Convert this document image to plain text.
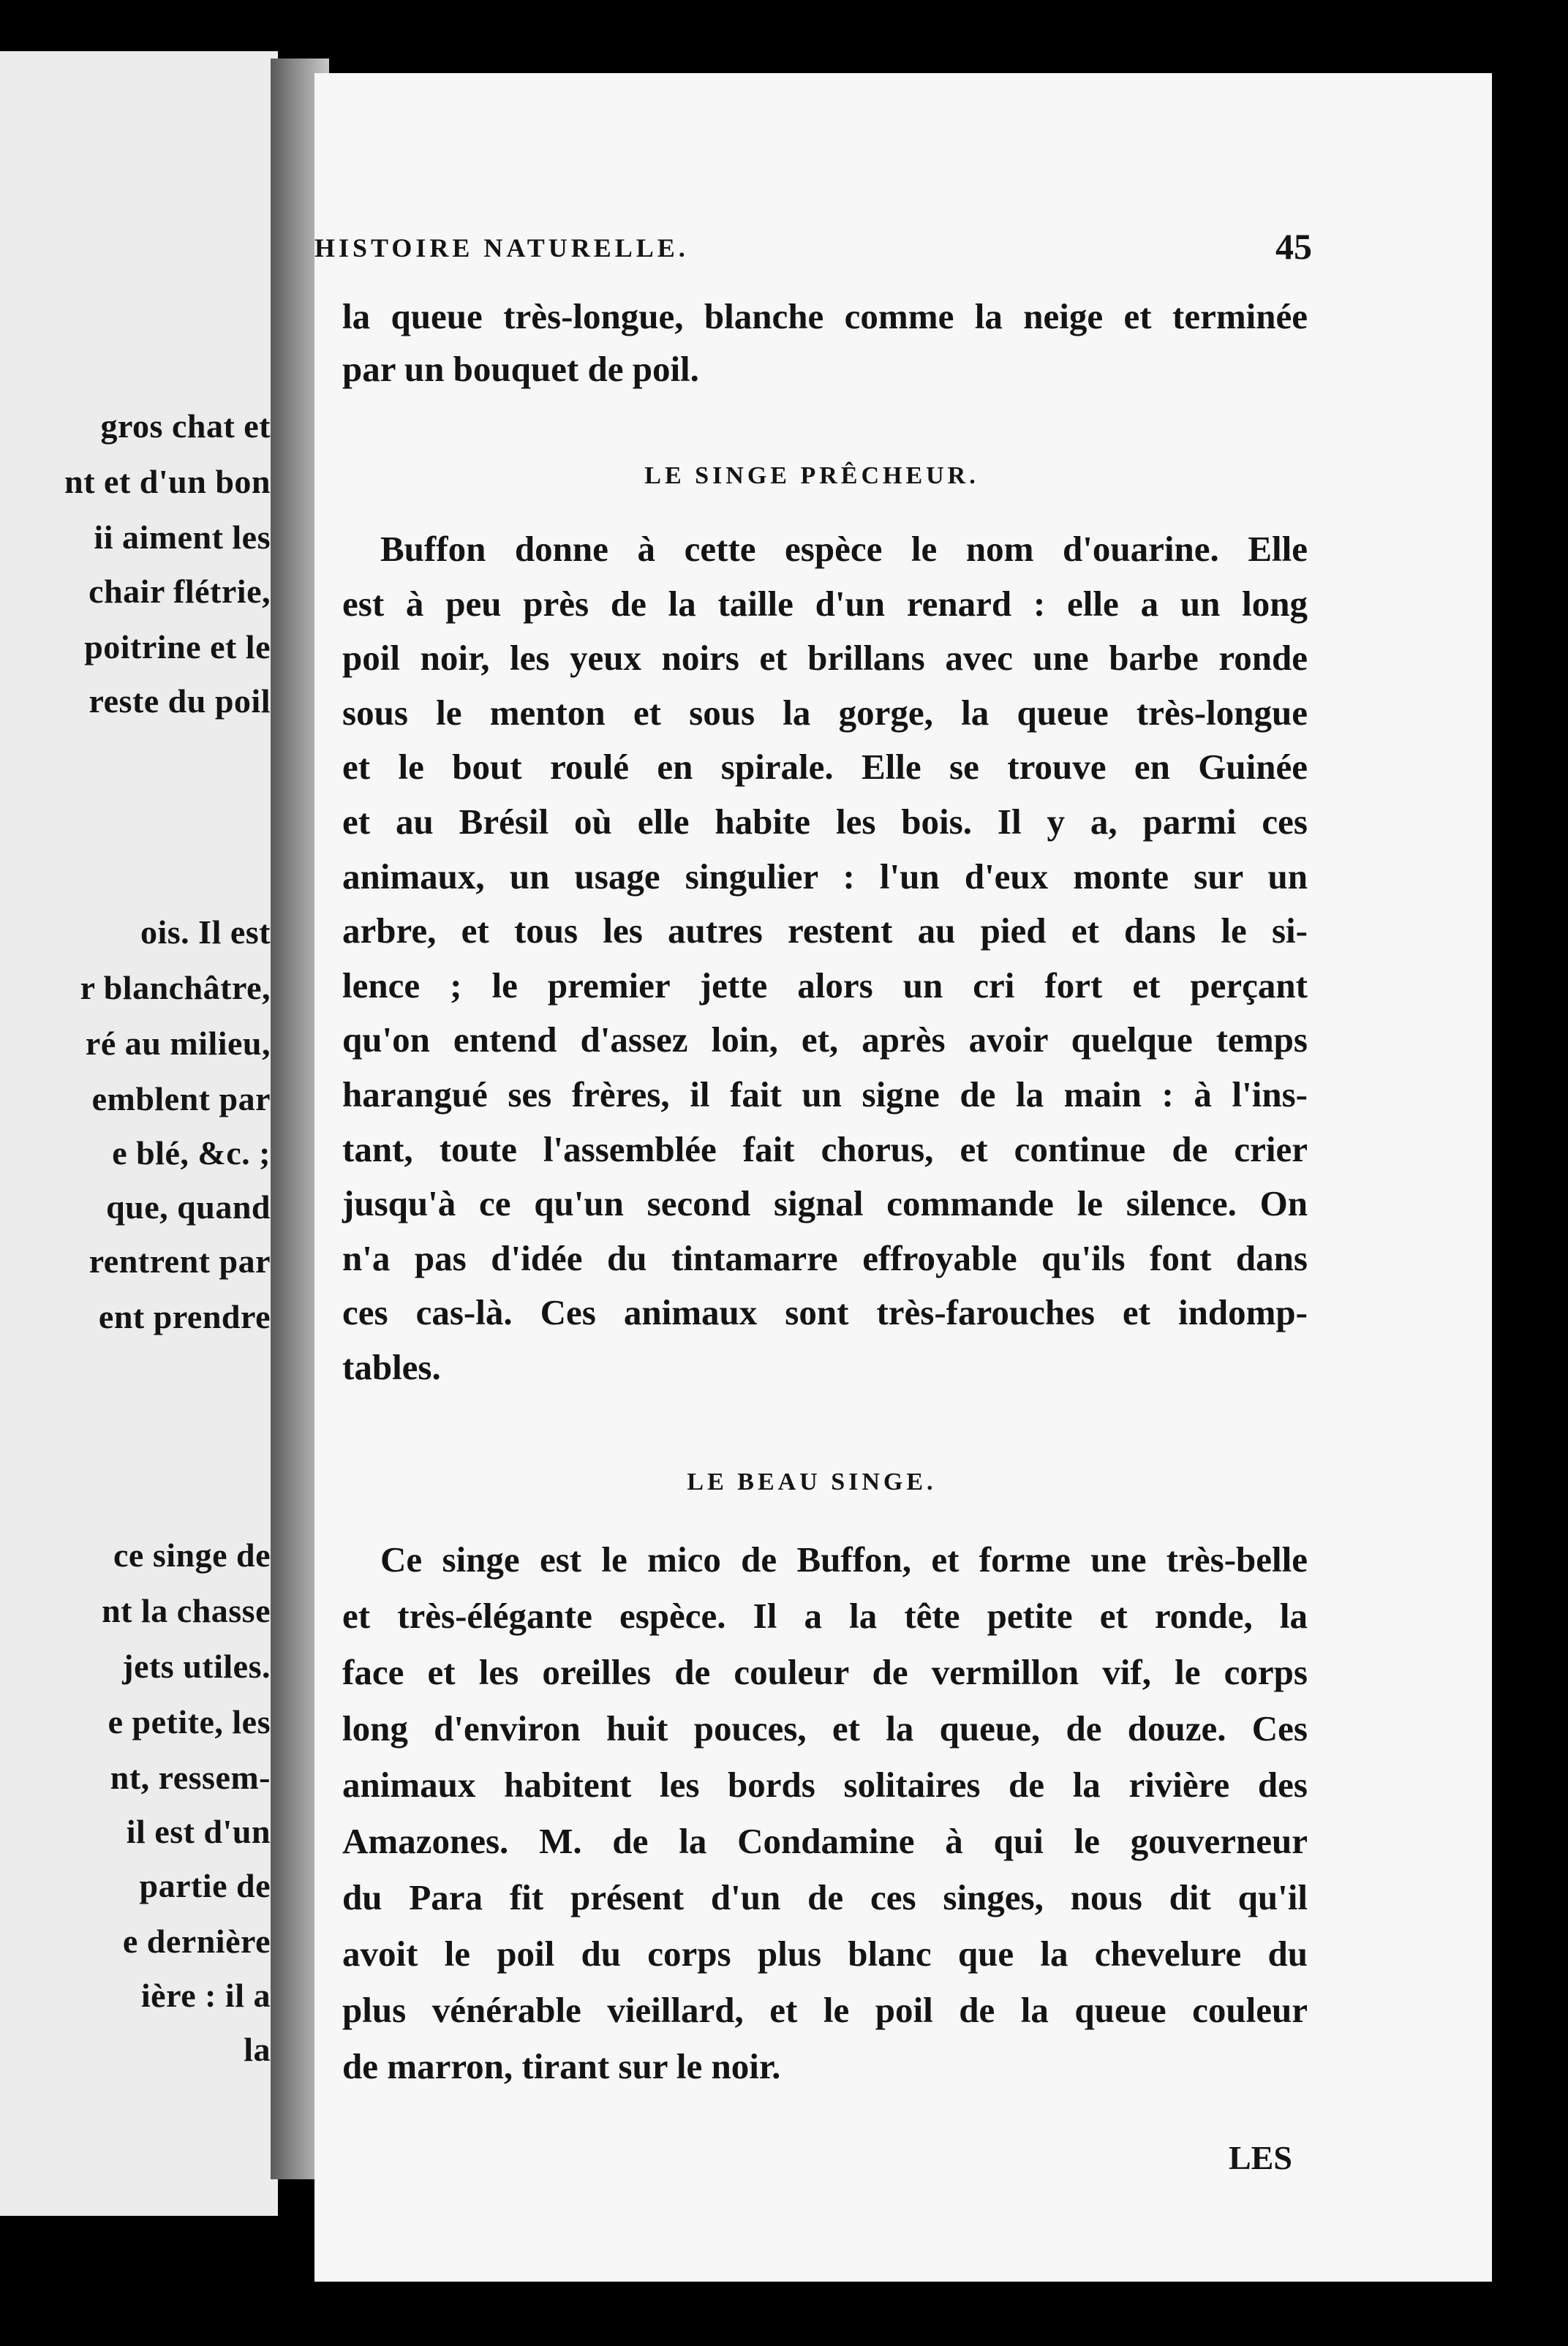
gros chat et
nt et d'un bon
ii aiment les
chair flétrie,
poitrine et le
reste du poil
ois. Il est
r blanchâtre,
ré au milieu,
emblent par
e blé, &c. ;
que, quand
rentrent par
ent prendre
ce singe de
nt la chasse
jets utiles.
e petite, les
nt, ressem-
il est d'un
partie de
e dernière
ière : il a
la
HISTOIRE NATURELLE.	45
la queue très-longue, blanche comme la neige et terminée
par un bouquet de poil.
Buffon donne à cette espèce le nom d'ouarine. Elle
est à peu près de la taille d'un renard : elle a un long
poil noir, les yeux noirs et brillans avec une barbe ronde
sous le menton et sous la gorge, la queue très-longue
et le bout roulé en spirale. Elle se trouve en Guinée
et au Brésil où elle habite les bois. Il y a, parmi ces
animaux, un usage singulier : l'un d'eux monte sur un
arbre, et tous les autres restent au pied et dans le si-
lence ; le premier jette alors un cri fort et perçant
qu'on entend d'assez loin, et, après avoir quelque temps
harangué ses frères, il fait un signe de la main : à l'ins-
tant, toute l'assemblée fait chorus, et continue de crier
jusqu'à ce qu'un second signal commande le silence. On
n'a pas d'idée du tintamarre effroyable qu'ils font dans
ces cas-là. Ces animaux sont très-farouches et indomp-
tables.
Ce singe est le mico de Buffon, et forme une très-belle
et très-élégante espèce. Il a la tête petite et ronde, la
face et les oreilles de couleur de vermillon vif, le corps
long d'environ huit pouces, et la queue, de douze. Ces
animaux habitent les bords solitaires de la rivière des
Amazones. M. de la Condamine à qui le gouverneur
du Para fit présent d'un de ces singes, nous dit qu'il
avoit le poil du corps plus blanc que la chevelure du
plus vénérable vieillard, et le poil de la queue couleur
de marron, tirant sur le noir.
LE SINGE PRÊCHEUR.
LE BEAU SINGE.
LES
